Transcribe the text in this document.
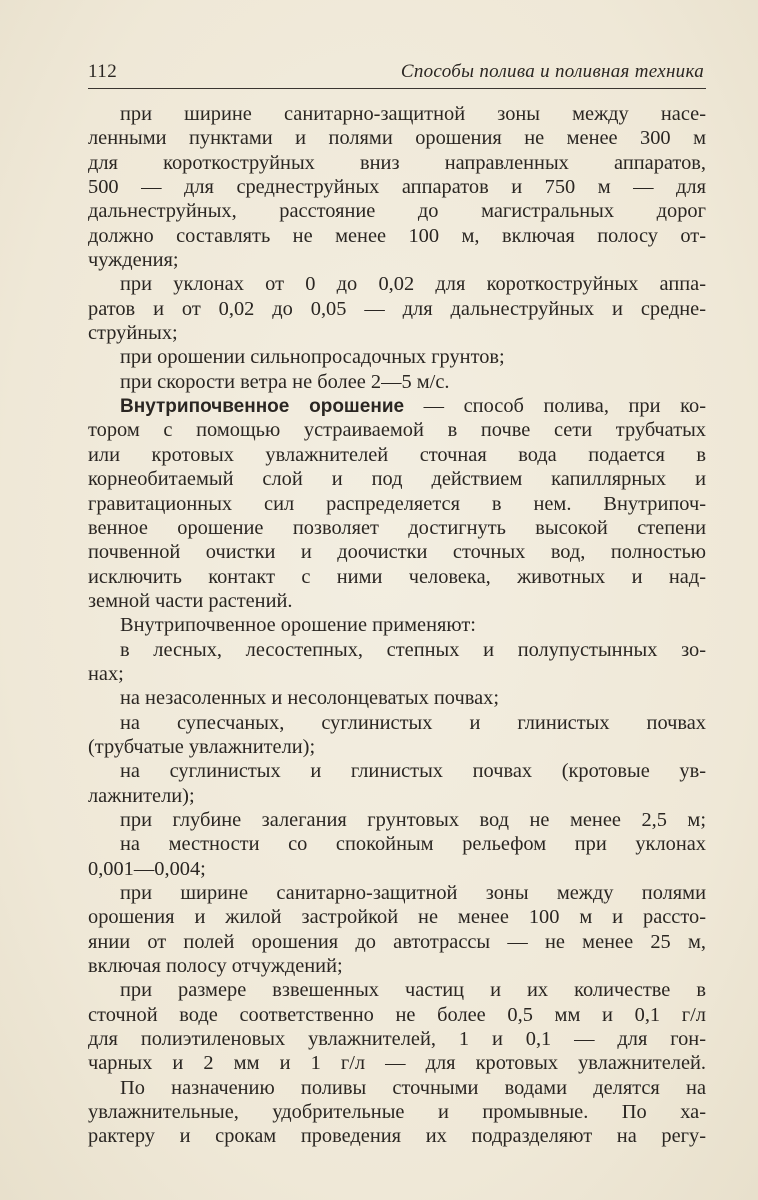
112	Способы полива и поливная техника
при ширине санитарно-защитной зоны между насе-
ленными пунктами и полями орошения не менее 300 м
для короткоструйных вниз направленных аппаратов,
500 — для среднеструйных аппаратов и 750 м — для
дальнеструйных, расстояние до магистральных дорог
должно составлять не менее 100 м, включая полосу от-
чуждения;
при уклонах от 0 до 0,02 для короткоструйных аппа-
ратов и от 0,02 до 0,05 — для дальнеструйных и средне-
струйных;
при орошении сильнопросадочных грунтов;
при скорости ветра не более 2—5 м/с.
Внутрипочвенное орошение — способ полива, при ко-
тором с помощью устраиваемой в почве сети трубчатых
или кротовых увлажнителей сточная вода подается в
корнеобитаемый слой и под действием капиллярных и
гравитационных сил распределяется в нем. Внутрипоч-
венное орошение позволяет достигнуть высокой степени
почвенной очистки и доочистки сточных вод, полностью
исключить контакт с ними человека, животных и над-
земной части растений.
Внутрипочвенное орошение применяют:
в лесных, лесостепных, степных и полупустынных зо-
нах;
на незасоленных и несолонцеватых почвах;
на супесчаных, суглинистых и глинистых почвах
(трубчатые увлажнители);
на суглинистых и глинистых почвах (кротовые ув-
лажнители);
при глубине залегания грунтовых вод не менее 2,5 м;
на местности со спокойным рельефом при уклонах
0,001—0,004;
при ширине санитарно-защитной зоны между полями
орошения и жилой застройкой не менее 100 м и рассто-
янии от полей орошения до автотрассы — не менее 25 м,
включая полосу отчуждений;
при размере взвешенных частиц и их количестве в
сточной воде соответственно не более 0,5 мм и 0,1 г/л
для полиэтиленовых увлажнителей, 1 и 0,1 — для гон-
чарных и 2 мм и 1 г/л — для кротовых увлажнителей.
По назначению поливы сточными водами делятся на
увлажнительные, удобрительные и промывные. По ха-
рактеру и срокам проведения их подразделяют на регу-
